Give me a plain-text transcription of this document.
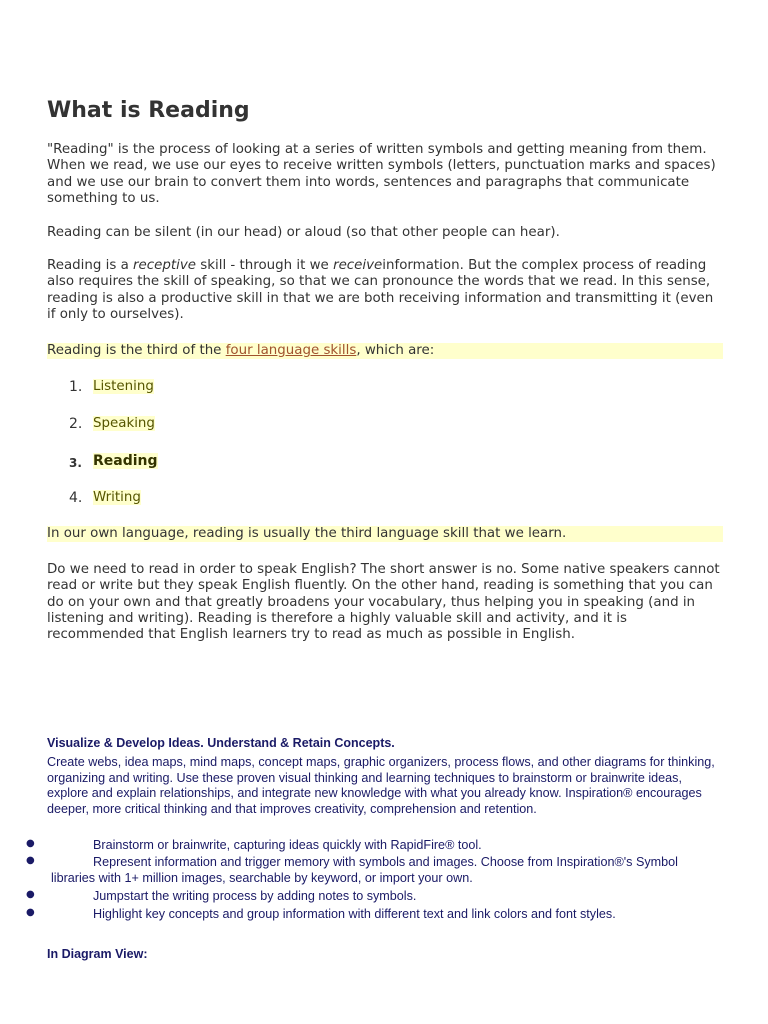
What is Reading

"Reading" is the process of looking at a series of written symbols and getting meaning from them. When we read, we use our eyes to receive written symbols (letters, punctuation marks and spaces) and we use our brain to convert them into words, sentences and paragraphs that communicate something to us.

Reading can be silent (in our head) or aloud (so that other people can hear).

Reading is a receptive skill - through it we receiveinformation. But the complex process of reading also requires the skill of speaking, so that we can pronounce the words that we read. In this sense, reading is also a productive skill in that we are both receiving information and transmitting it (even if only to ourselves).

Reading is the third of the four language skills, which are:

1. Listening
2. Speaking
3. Reading
4. Writing

In our own language, reading is usually the third language skill that we learn.

Do we need to read in order to speak English? The short answer is no. Some native speakers cannot read or write but they speak English fluently. On the other hand, reading is something that you can do on your own and that greatly broadens your vocabulary, thus helping you in speaking (and in listening and writing). Reading is therefore a highly valuable skill and activity, and it is recommended that English learners try to read as much as possible in English.

Visualize & Develop Ideas. Understand & Retain Concepts.
Create webs, idea maps, mind maps, concept maps, graphic organizers, process flows, and other diagrams for thinking, organizing and writing. Use these proven visual thinking and learning techniques to brainstorm or brainwrite ideas, explore and explain relationships, and integrate new knowledge with what you already know. Inspiration® encourages deeper, more critical thinking and that improves creativity, comprehension and retention.
●	Brainstorm or brainwrite, capturing ideas quickly with RapidFire® tool.
●	Represent information and trigger memory with symbols and images. Choose from Inspiration®'s Symbol libraries with 1+ million images, searchable by keyword, or import your own.
●	Jumpstart the writing process by adding notes to symbols.
●	Highlight key concepts and group information with different text and link colors and font styles.
In Diagram View:
